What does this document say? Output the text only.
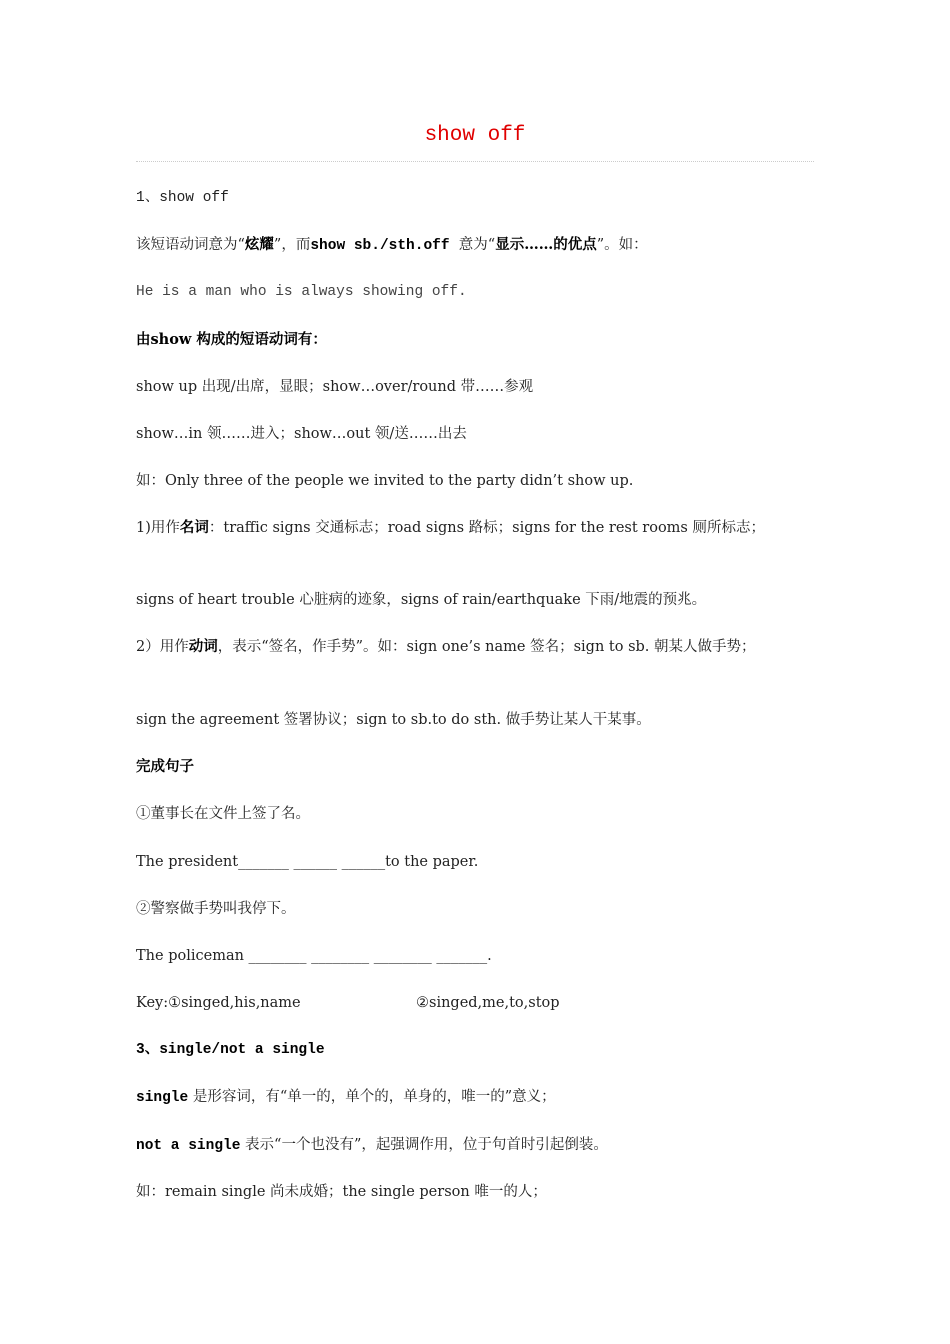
show off
1、show off
该短语动词意为“炫耀”，而show sb./sth.off  意为“显示……的优点”。如：
He is a man who is always showing off.
由show 构成的短语动词有：
show up 出现/出席，显眼；show…over/round 带……参观
show…in 领……进入；show…out 领/送……出去
如：Only three of the people we invited to the party didn’t show up.
1)用作名词：traffic signs 交通标志；road signs 路标；signs for the rest rooms 厕所标志；
signs of heart trouble 心脏病的迹象，signs of rain/earthquake 下雨/地震的预兆。
2）用作动词，表示“签名，作手势”。如：sign one’s name 签名；sign to sb. 朝某人做手势；
sign the agreement 签署协议；sign to sb.to do sth. 做手势让某人干某事。
完成句子
①董事长在文件上签了名。
The president_______ ______ ______to the paper.
②警察做手势叫我停下。
The policeman ________ ________ ________ _______.
Key:①singed,his,name	②singed,me,to,stop
3、single/not a single
single 是形容词，有“单一的，单个的，单身的，唯一的”意义；
not a single 表示“一个也没有”，起强调作用，位于句首时引起倒装。
如：remain single 尚未成婚；the single person 唯一的人；
